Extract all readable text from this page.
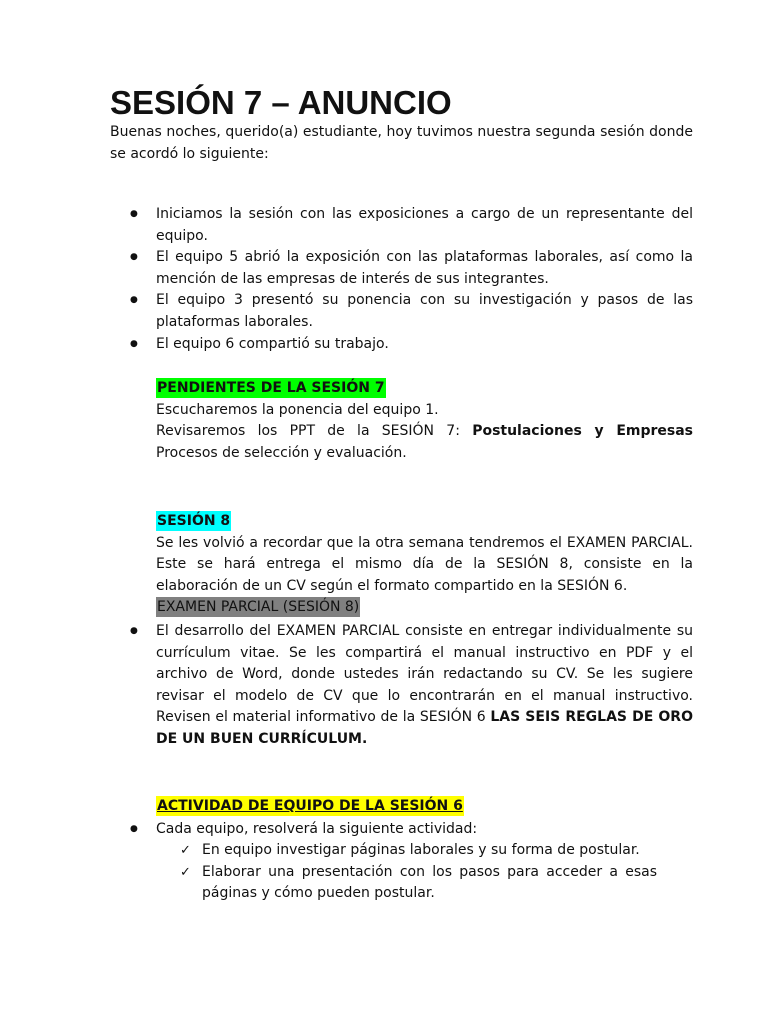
SESIÓN 7 – ANUNCIO

Buenas noches, querido(a) estudiante, hoy tuvimos nuestra segunda sesión donde se acordó lo siguiente:

● Iniciamos la sesión con las exposiciones a cargo de un representante del equipo.
● El equipo 5 abrió la exposición con las plataformas laborales, así como la mención de las empresas de interés de sus integrantes.
● El equipo 3 presentó su ponencia con su investigación y pasos de las plataformas laborales.
● El equipo 6 compartió su trabajo.

PENDIENTES DE LA SESIÓN 7

Escucharemos la ponencia del equipo 1.

Revisaremos los PPT de la SESIÓN 7: Postulaciones y Empresas

Procesos de selección y evaluación.

SESIÓN 8

Se les volvió a recordar que la otra semana tendremos el EXAMEN PARCIAL. Este se hará entrega el mismo día de la SESIÓN 8, consiste en la elaboración de un CV según el formato compartido en la SESIÓN 6.

EXAMEN PARCIAL (SESIÓN 8)

● El desarrollo del EXAMEN PARCIAL consiste en entregar individualmente su currículum vitae. Se les compartirá el manual instructivo en PDF y el archivo de Word, donde ustedes irán redactando su CV. Se les sugiere revisar el modelo de CV que lo encontrarán en el manual instructivo. Revisen el material informativo de la SESIÓN 6 LAS SEIS REGLAS DE ORO DE UN BUEN CURRÍCULUM.

ACTIVIDAD DE EQUIPO DE LA SESIÓN 6

● Cada equipo, resolverá la siguiente actividad:
✓ En equipo investigar páginas laborales y su forma de postular.
✓ Elaborar una presentación con los pasos para acceder a esas páginas y cómo pueden postular.
